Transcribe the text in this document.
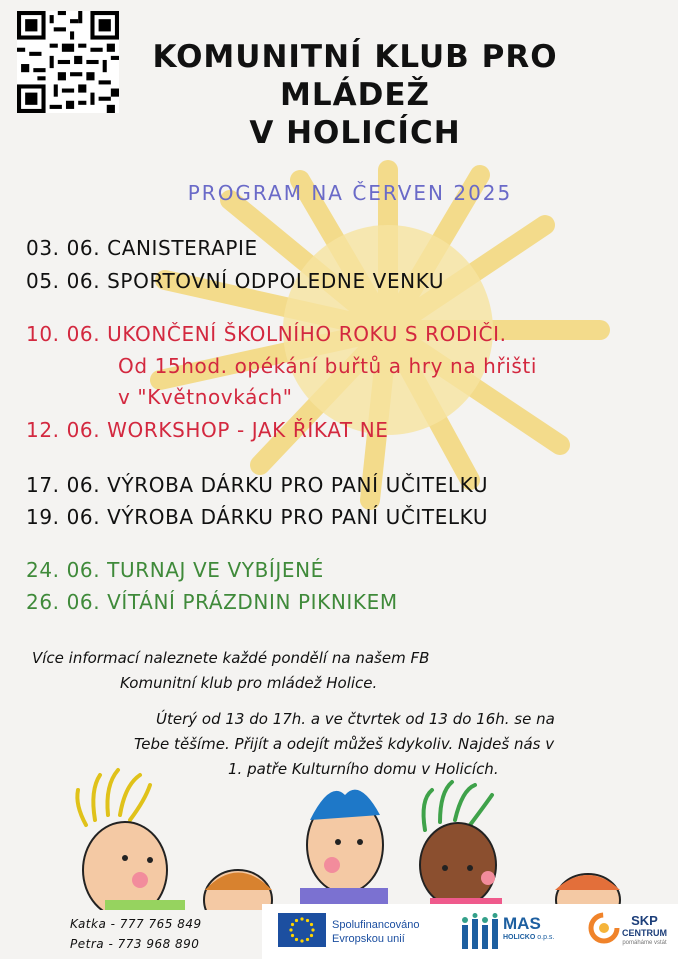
KOMUNITNÍ KLUB PRO
MLÁDEŽ
V HOLICÍCH
PROGRAM NA ČERVEN 2025
03. 06. CANISTERAPIE
05. 06. SPORTOVNÍ ODPOLEDNE VENKU
10. 06. UKONČENÍ ŠKOLNÍHO ROKU S RODIČI.
Od 15hod. opékání buřtů a hry na hřišti
v "Květnovkách"
12. 06. WORKSHOP - JAK ŘÍKAT NE
17. 06. VÝROBA DÁRKU PRO PANÍ UČITELKU
19. 06. VÝROBA DÁRKU PRO PANÍ UČITELKU
24. 06. TURNAJ VE VYBÍJENÉ
26. 06. VÍTÁNÍ PRÁZDNIN PIKNIKEM
Více informací naleznete každé pondělí na našem FB
Komunitní klub pro mládež Holice.
Úterý od 13 do 17h. a ve čtvrtek od 13 do 16h. se na
Tebe těšíme. Přijít a odejít můžeš kdykoliv. Najdeš nás v
1. patře Kulturního domu v Holicích.
Katka - 777 765 849
Petra - 773 968 890
Spolufinancováno
Evropskou unií
MAS
HOLICKO o.p.s.
SKP
CENTRUM
pomáháme vstát
